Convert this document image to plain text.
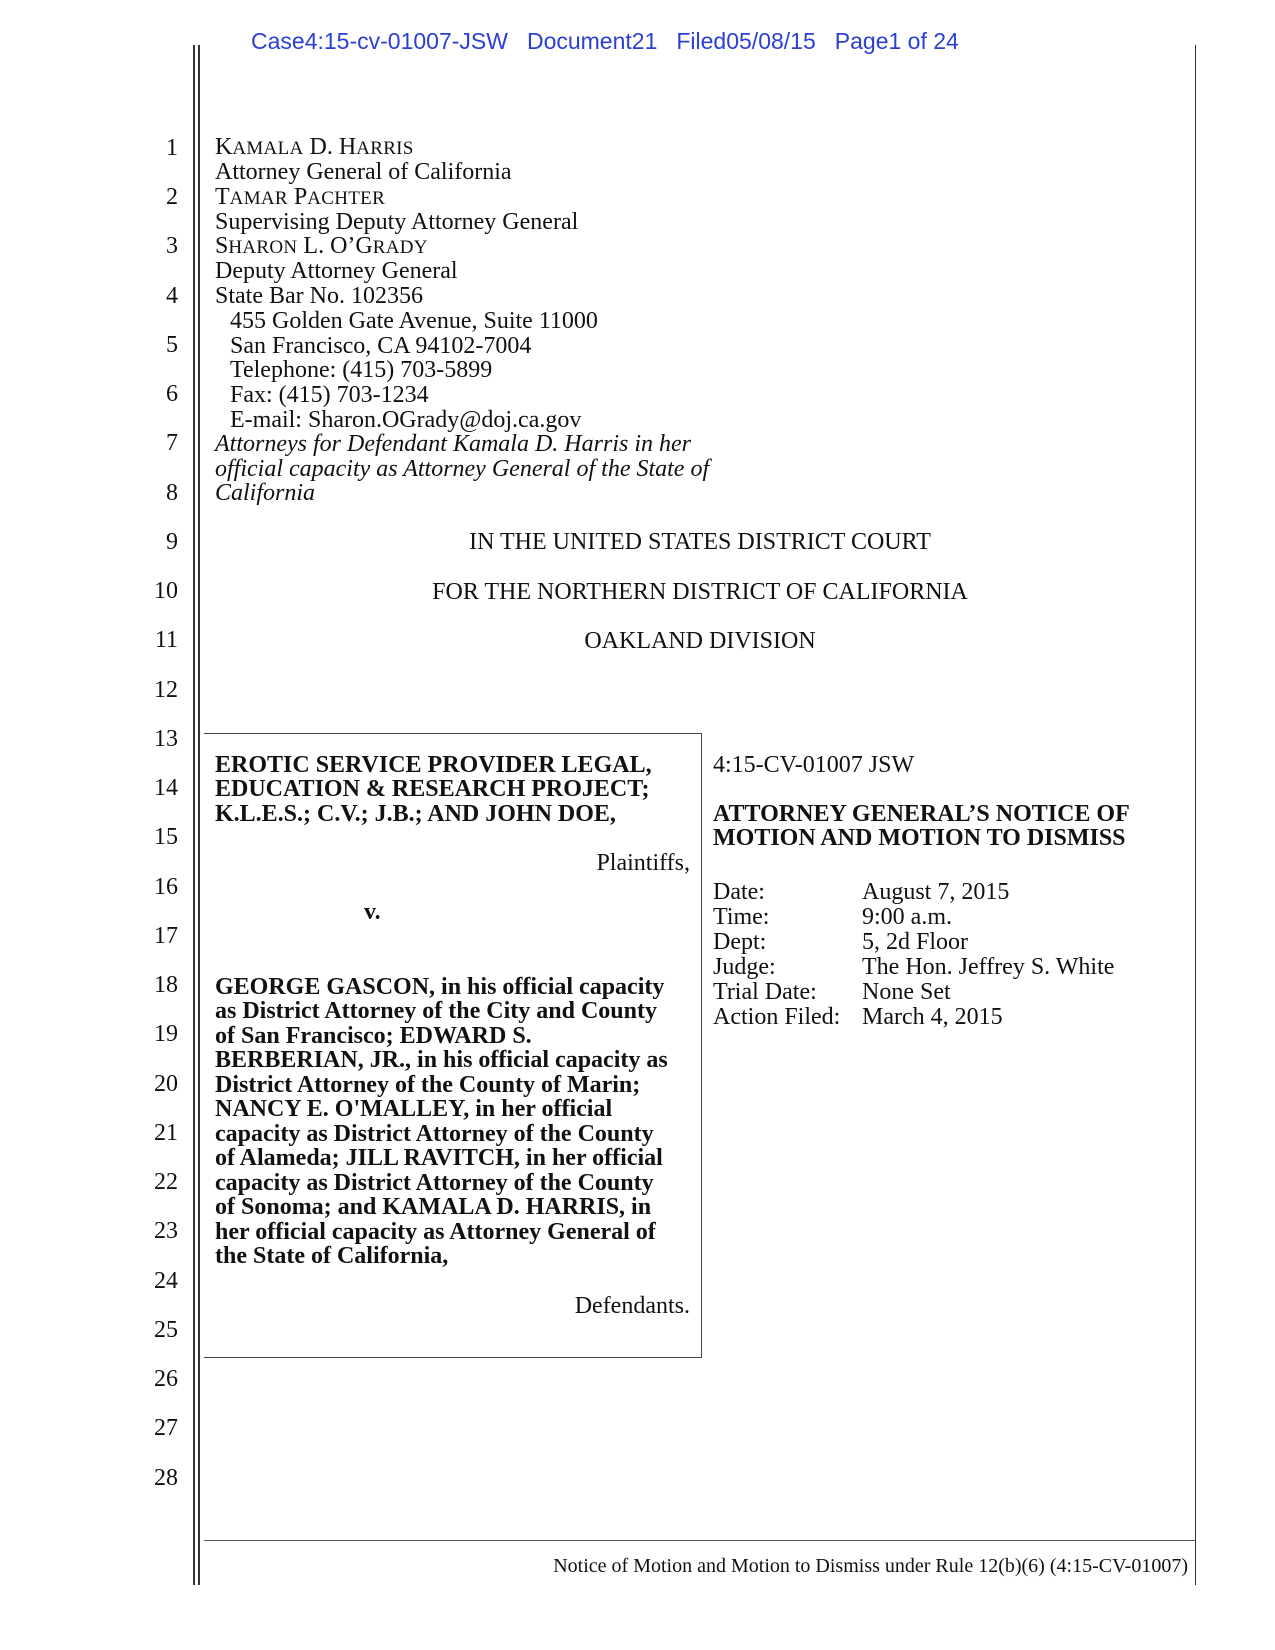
Case4:15-cv-01007-JSW Document21 Filed05/08/15 Page1 of 24
1
2
3
4
5
6
7
8
9
10
11
12
13
14
15
16
17
18
19
20
21
22
23
24
25
26
27
28
KAMALA D. HARRIS
Attorney General of California
TAMAR PACHTER
Supervising Deputy Attorney General
SHARON L. O’GRADY
Deputy Attorney General
State Bar No. 102356
455 Golden Gate Avenue, Suite 11000
San Francisco, CA 94102-7004
Telephone: (415) 703-5899
Fax: (415) 703-1234
E-mail: Sharon.OGrady@doj.ca.gov
Attorneys for Defendant Kamala D. Harris in her
official capacity as Attorney General of the State of
California
IN THE UNITED STATES DISTRICT COURT
FOR THE NORTHERN DISTRICT OF CALIFORNIA
OAKLAND DIVISION
EROTIC SERVICE PROVIDER LEGAL,
EDUCATION & RESEARCH PROJECT;
K.L.E.S.; C.V.; J.B.; AND JOHN DOE,
Plaintiffs,
v.
GEORGE GASCON, in his official capacity
as District Attorney of the City and County
of San Francisco; EDWARD S.
BERBERIAN, JR., in his official capacity as
District Attorney of the County of Marin;
NANCY E. O'MALLEY, in her official
capacity as District Attorney of the County
of Alameda; JILL RAVITCH, in her official
capacity as District Attorney of the County
of Sonoma; and KAMALA D. HARRIS, in
her official capacity as Attorney General of
the State of California,
Defendants.
4:15-CV-01007 JSW
ATTORNEY GENERAL’S NOTICE OF
MOTION AND MOTION TO DISMISS
Date:	August 7, 2015
Time:	9:00 a.m.
Dept:	5, 2d Floor
Judge:	The Hon. Jeffrey S. White
Trial Date:	None Set
Action Filed: March 4, 2015
Notice of Motion and Motion to Dismiss under Rule 12(b)(6) (4:15-CV-01007)
